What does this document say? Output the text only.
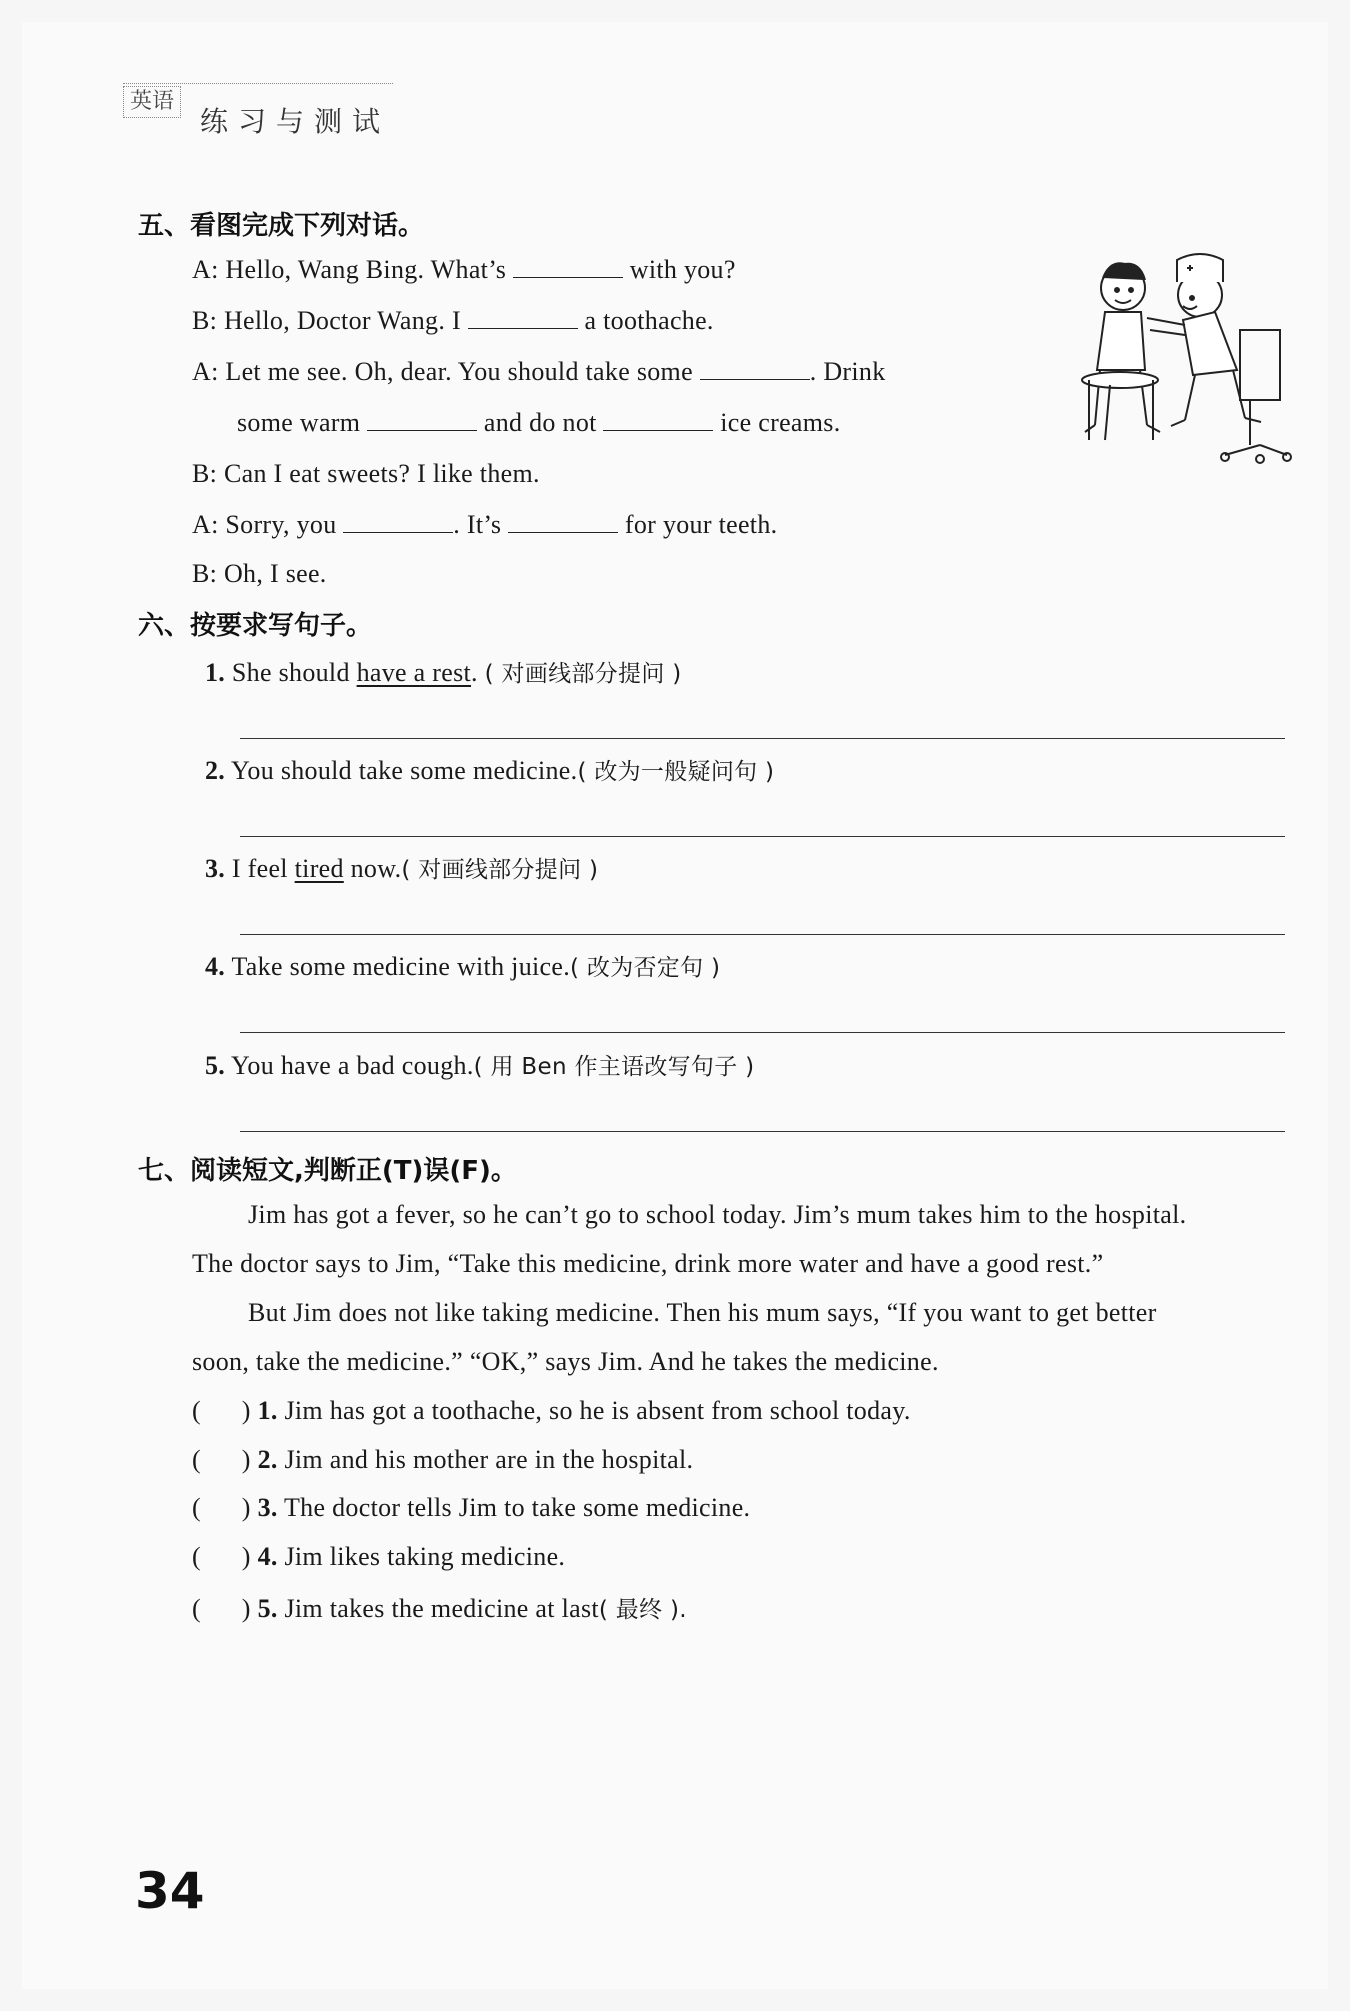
英语
练习与测试
五、看图完成下列对话。
A: Hello, Wang Bing. What’s	with you?
B: Hello, Doctor Wang. I	a toothache.
A: Let me see. Oh, dear. You should take some	. Drink
some warm	and do not	ice creams.
B: Can I eat sweets? I like them.
A: Sorry, you	. It’s	for your teeth.
B: Oh, I see.
六、按要求写句子。
1. She should have a rest. ( 对画线部分提问 )
2. You should take some medicine.( 改为一般疑问句 )
3. I feel tired now.( 对画线部分提问 )
4. Take some medicine with juice.( 改为否定句 )
5. You have a bad cough.( 用 Ben 作主语改写句子 )
七、阅读短文,判断正(T)误(F)。
Jim has got a fever, so he can’t go to school today. Jim’s mum takes him to the hospital.
The doctor says to Jim, “Take this medicine, drink more water and have a good rest.”
But Jim does not like taking medicine. Then his mum says, “If you want to get better
soon, take the medicine.” “OK,” says Jim. And he takes the medicine.
( ) 1. Jim has got a toothache, so he is absent from school today.
( ) 2. Jim and his mother are in the hospital.
( ) 3. The doctor tells Jim to take some medicine.
( ) 4. Jim likes taking medicine.
( ) 5. Jim takes the medicine at last( 最终 ).
34
